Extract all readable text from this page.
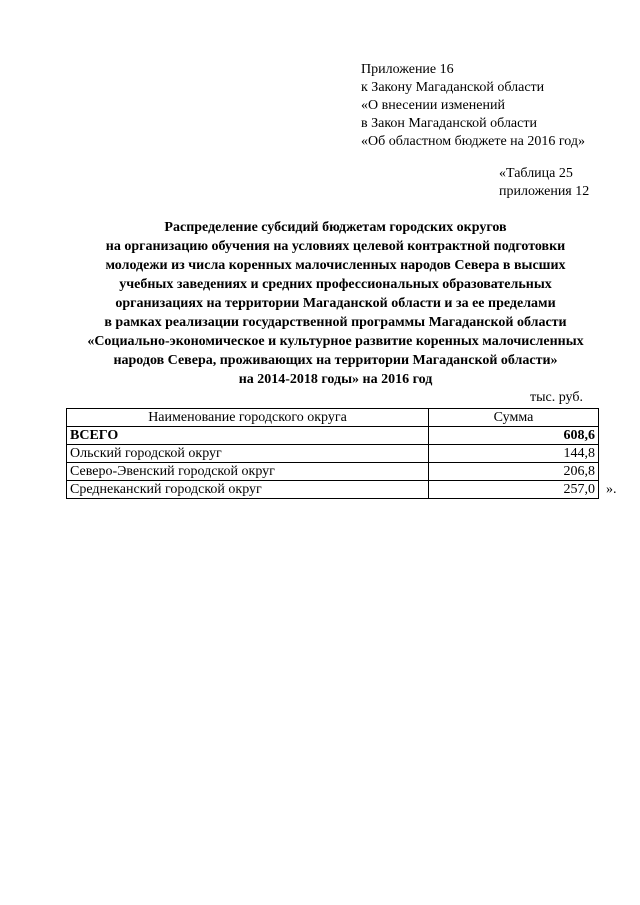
Приложение 16
к Закону Магаданской области
«О внесении изменений
в Закон Магаданской области
«Об областном бюджете на 2016 год»
«Таблица 25
приложения 12
Распределение субсидий бюджетам городских округов
на организацию обучения на условиях целевой контрактной подготовки
молодежи из числа коренных малочисленных народов Севера в высших
учебных заведениях и средних профессиональных образовательных
организациях на территории Магаданской области и за ее пределами
в рамках реализации государственной программы Магаданской области
«Социально-экономическое и культурное развитие коренных малочисленных
народов Севера, проживающих на территории Магаданской области»
на 2014-2018 годы» на 2016 год
тыс. руб.
Наименование городского округа	Сумма
ВСЕГО	608,6
Ольский городской округ	144,8
Северо-Эвенский городской округ	206,8
Среднеканский городской округ	257,0 ».
